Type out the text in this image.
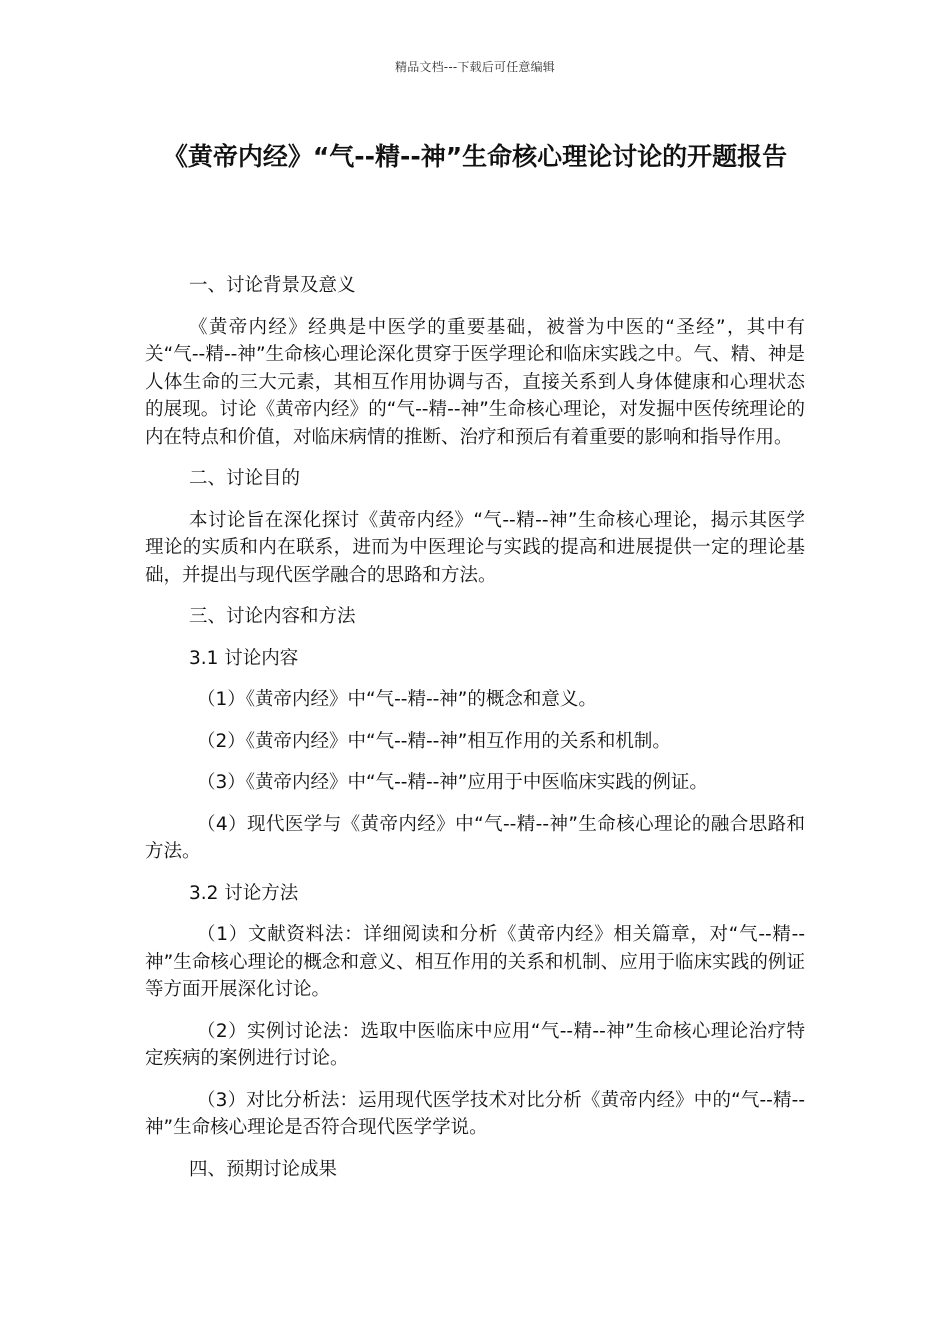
精品文档---下载后可任意编辑
《黄帝内经》“气--精--神”生命核心理论讨论的开题报告

一、讨论背景及意义

《黄帝内经》经典是中医学的重要基础，被誉为中医的“圣经”，其中有关“气--精--神”生命核心理论深化贯穿于医学理论和临床实践之中。气、精、神是人体生命的三大元素，其相互作用协调与否，直接关系到人身体健康和心理状态的展现。讨论《黄帝内经》的“气--精--神”生命核心理论，对发掘中医传统理论的内在特点和价值，对临床病情的推断、治疗和预后有着重要的影响和指导作用。

二、讨论目的

本讨论旨在深化探讨《黄帝内经》“气--精--神”生命核心理论，揭示其医学理论的实质和内在联系，进而为中医理论与实践的提高和进展提供一定的理论基础，并提出与现代医学融合的思路和方法。

三、讨论内容和方法

3.1 讨论内容

（1）《黄帝内经》中“气--精--神”的概念和意义。

（2）《黄帝内经》中“气--精--神”相互作用的关系和机制。

（3）《黄帝内经》中“气--精--神”应用于中医临床实践的例证。

（4）现代医学与《黄帝内经》中“气--精--神”生命核心理论的融合思路和方法。

3.2 讨论方法

（1）文献资料法：详细阅读和分析《黄帝内经》相关篇章，对“气--精--神”生命核心理论的概念和意义、相互作用的关系和机制、应用于临床实践的例证等方面开展深化讨论。

（2）实例讨论法：选取中医临床中应用“气--精--神”生命核心理论治疗特定疾病的案例进行讨论。

（3）对比分析法：运用现代医学技术对比分析《黄帝内经》中的“气--精--神”生命核心理论是否符合现代医学学说。

四、预期讨论成果
